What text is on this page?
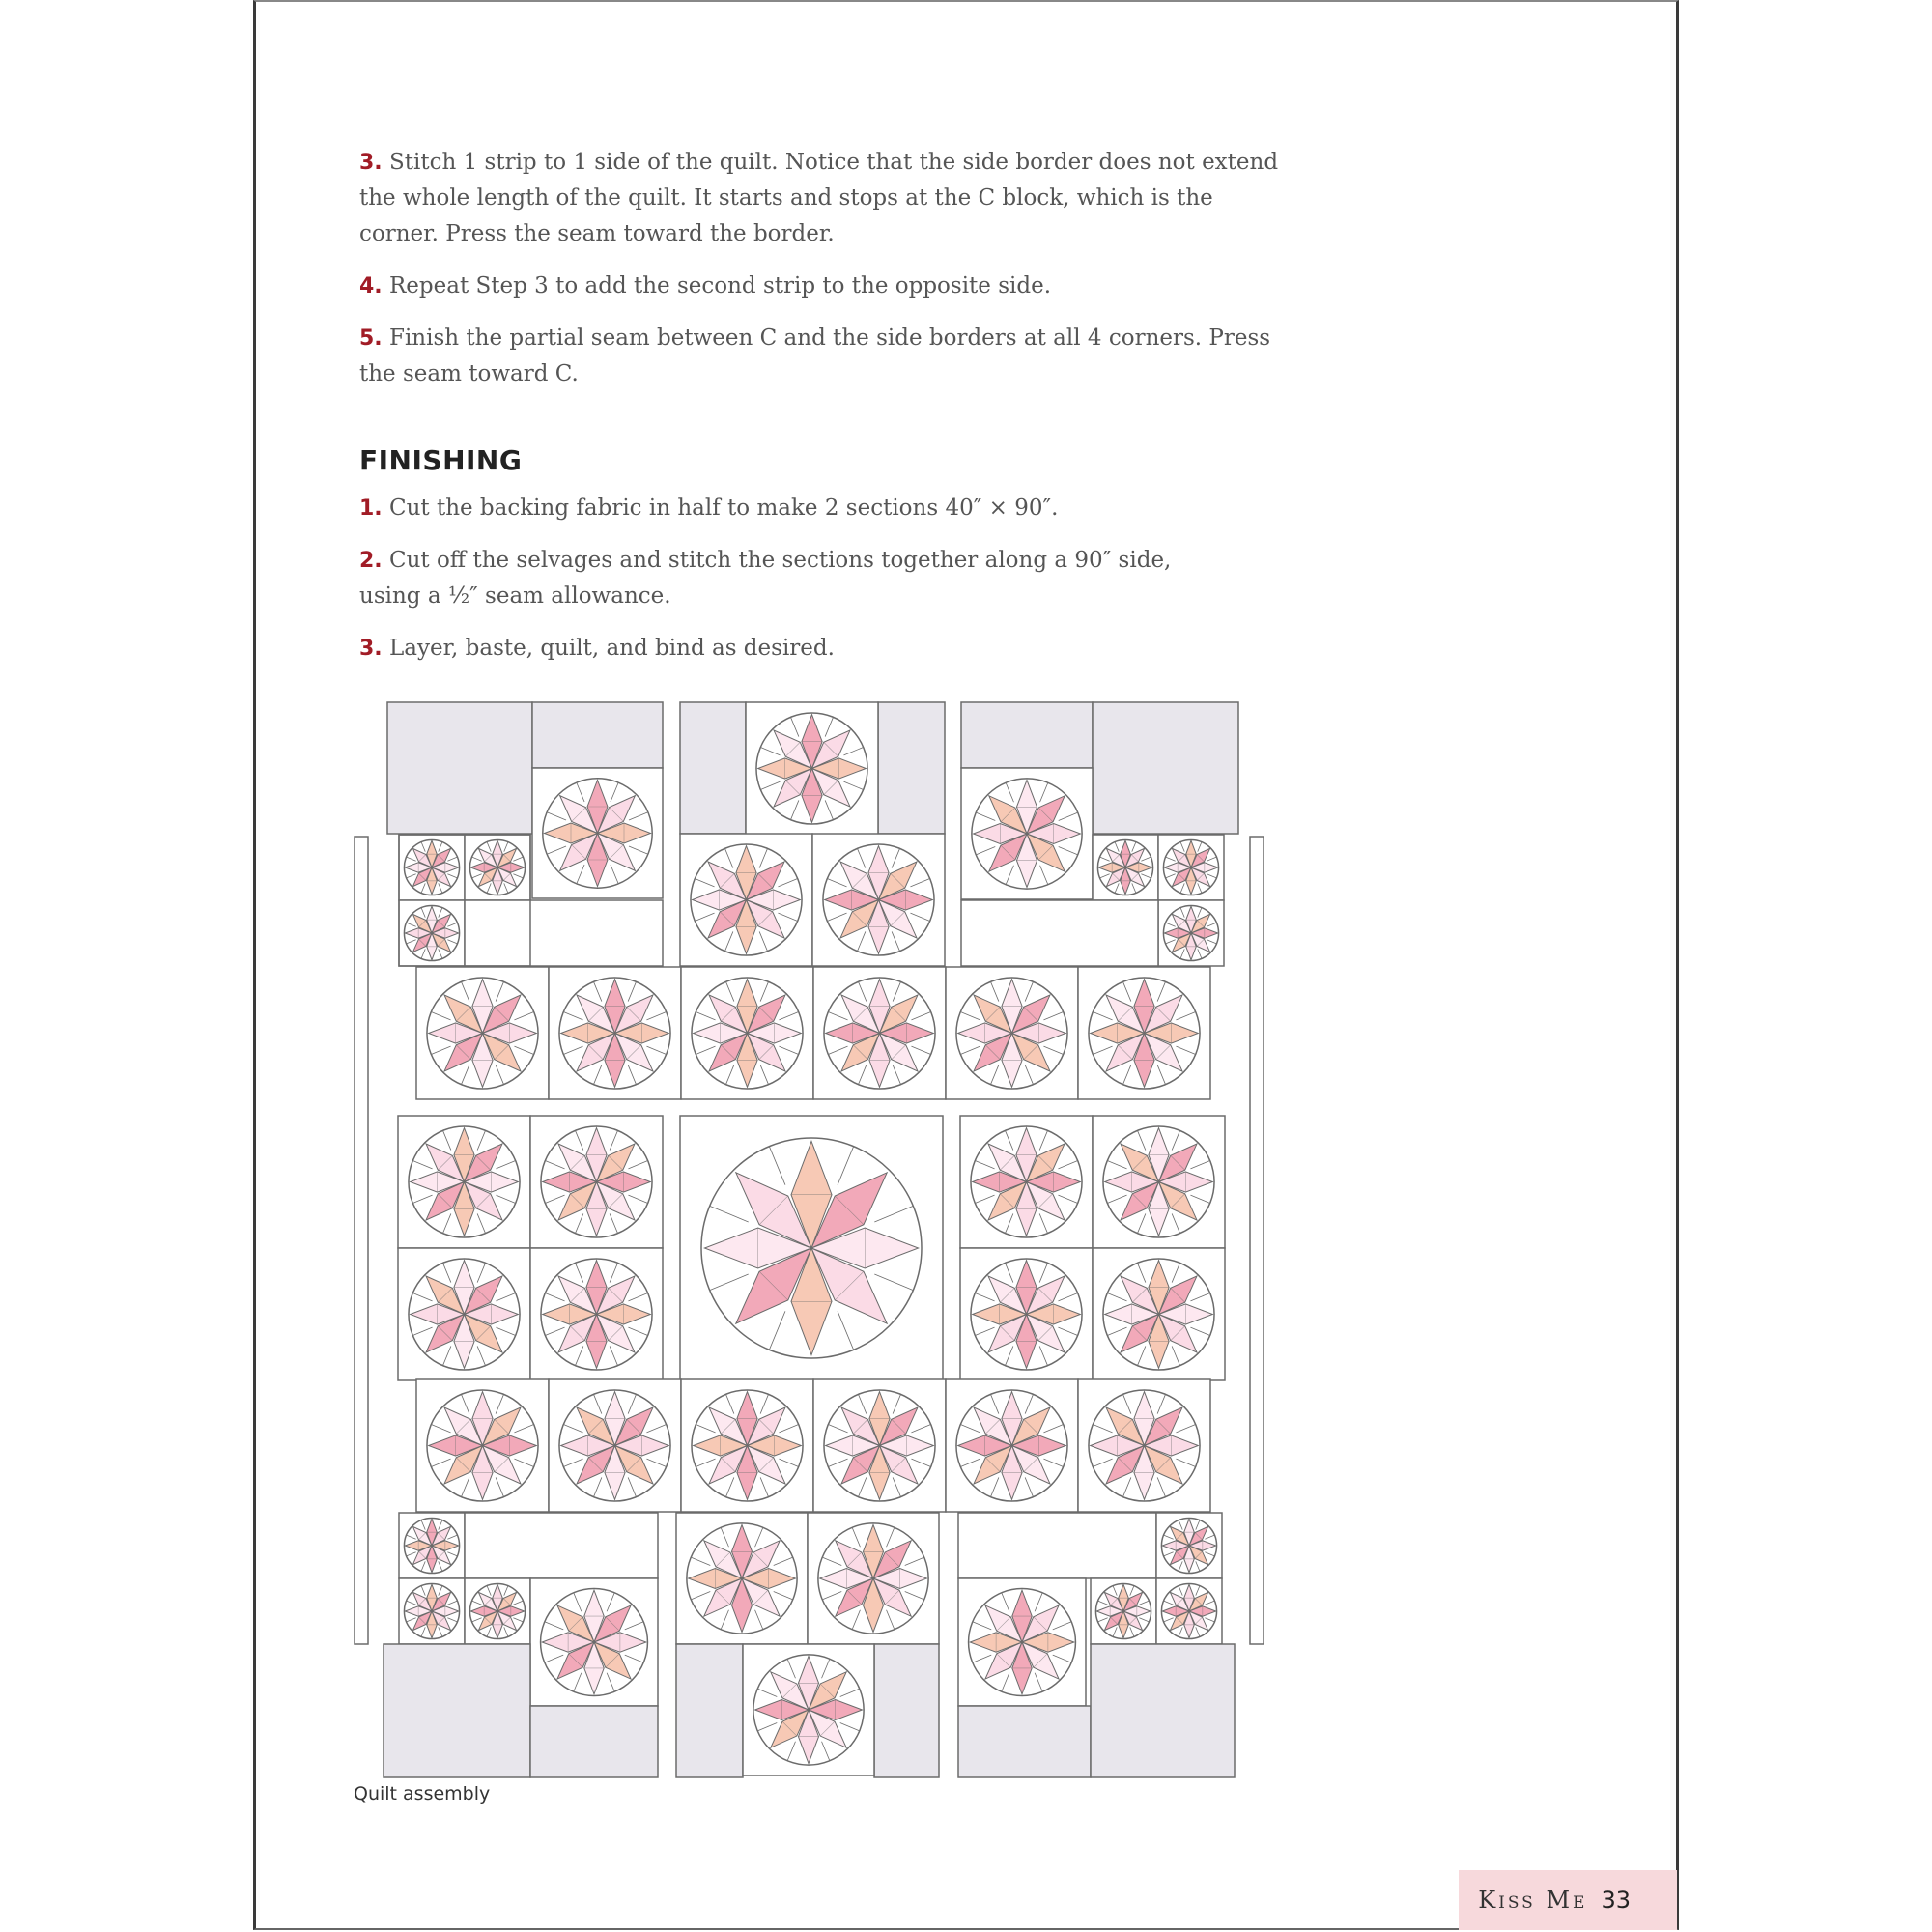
3. Stitch 1 strip to 1 side of the quilt. Notice that the side border does not extend the whole length of the quilt. It starts and stops at the C block, which is the corner. Press the seam toward the border.

4. Repeat Step 3 to add the second strip to the opposite side.

5. Finish the partial seam between C and the side borders at all 4 corners. Press the seam toward C.

FINISHING

1. Cut the backing fabric in half to make 2 sections 40″ × 90″.

2. Cut off the selvages and stitch the sections together along a 90″ side, using a ½″ seam allowance.

3. Layer, baste, quilt, and bind as desired.

Quilt assembly
Kiss Me 33
